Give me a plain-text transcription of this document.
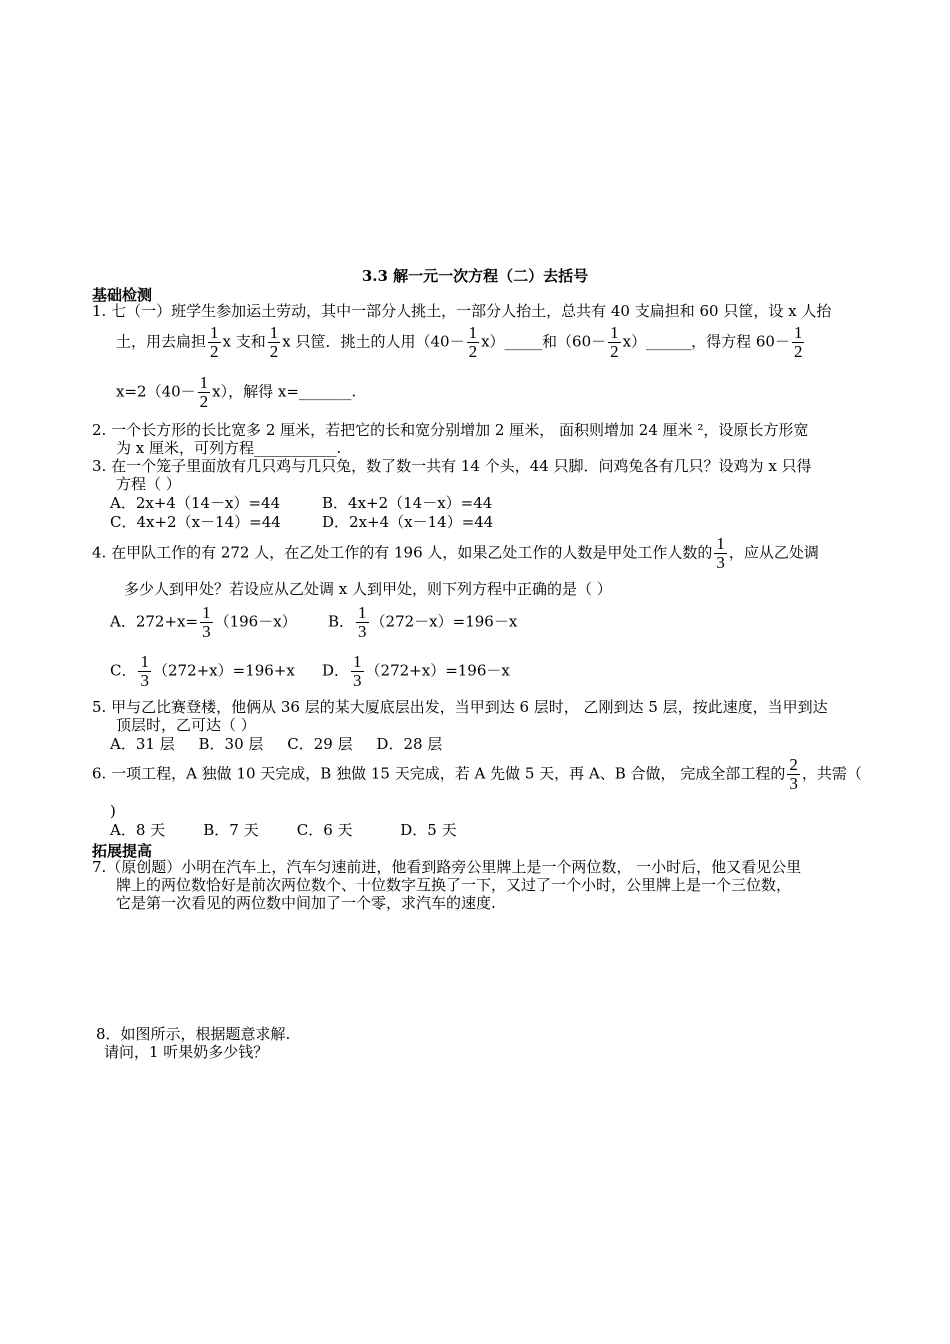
3.3 解一元一次方程（二）去括号
基础检测
1. 七（一）班学生参加运土劳动，其中一部分人挑土，一部分人抬土，总共有 40 支扁担和 60 只筐，设 x 人抬
土，用去扁担 $\frac{1}{2}$ x 支和 $\frac{1}{2}$ x 只筐．挑土的人用（$40- \frac{1}{2}$ x）_____和（$60- \frac{1}{2}$ x）______，得方程 $60- \frac{1}{2}$
$x=2(40- \frac{1}{2} x)$，解得 x=_______.
2. 一个长方形的长比宽多 2 厘米，若把它的长和宽分别增加 2 厘米， 面积则增加 24 厘米 ²，设原长方形宽
为 x 厘米，可列方程___________.
3. 在一个笼子里面放有几只鸡与几只兔，数了数一共有 14 个头，44 只脚．问鸡兔各有几只？设鸡为 x 只得
方程（ ）
A．2x+4（14－x）=44	B．4x+2（14－x）=44
C．4x+2（x－14）=44	D．2x+4（x－14）=44
4. 在甲队工作的有 272 人，在乙处工作的有 196 人，如果乙处工作的人数是甲处工作人数的 $\frac{1}{3}$ ，应从乙处调
多少人到甲处？若设应从乙处调 x 人到甲处，则下列方程中正确的是（ ）
A．$272+x= \frac{1}{3} (196-x)$ B． $\frac{1}{3} (272-x)=196-x$
C． $\frac{1}{3} (272+x)=196+x$ D． $\frac{1}{3} (272+x)=196-x$
5. 甲与乙比赛登楼，他俩从 36 层的某大厦底层出发，当甲到达 6 层时， 乙刚到达 5 层，按此速度，当甲到达
顶层时，乙可达（ ）
A．31 层     B．30 层     C．29 层     D．28 层
6. 一项工程，A 独做 10 天完成，B 独做 15 天完成，若 A 先做 5 天，再 A、B 合做， 完成全部工程的 $\frac{2}{3}$ ，共需（
)
A．8 天        B．7 天        C．6 天          D．5 天
拓展提高
7.（原创题）小明在汽车上，汽车匀速前进，他看到路旁公里牌上是一个两位数， 一小时后，他又看见公里
牌上的两位数恰好是前次两位数个、十位数字互换了一下，又过了一个小时，公里牌上是一个三位数，
它是第一次看见的两位数中间加了一个零，求汽车的速度.
8．如图所示，根据题意求解.
请问，1 听果奶多少钱？
